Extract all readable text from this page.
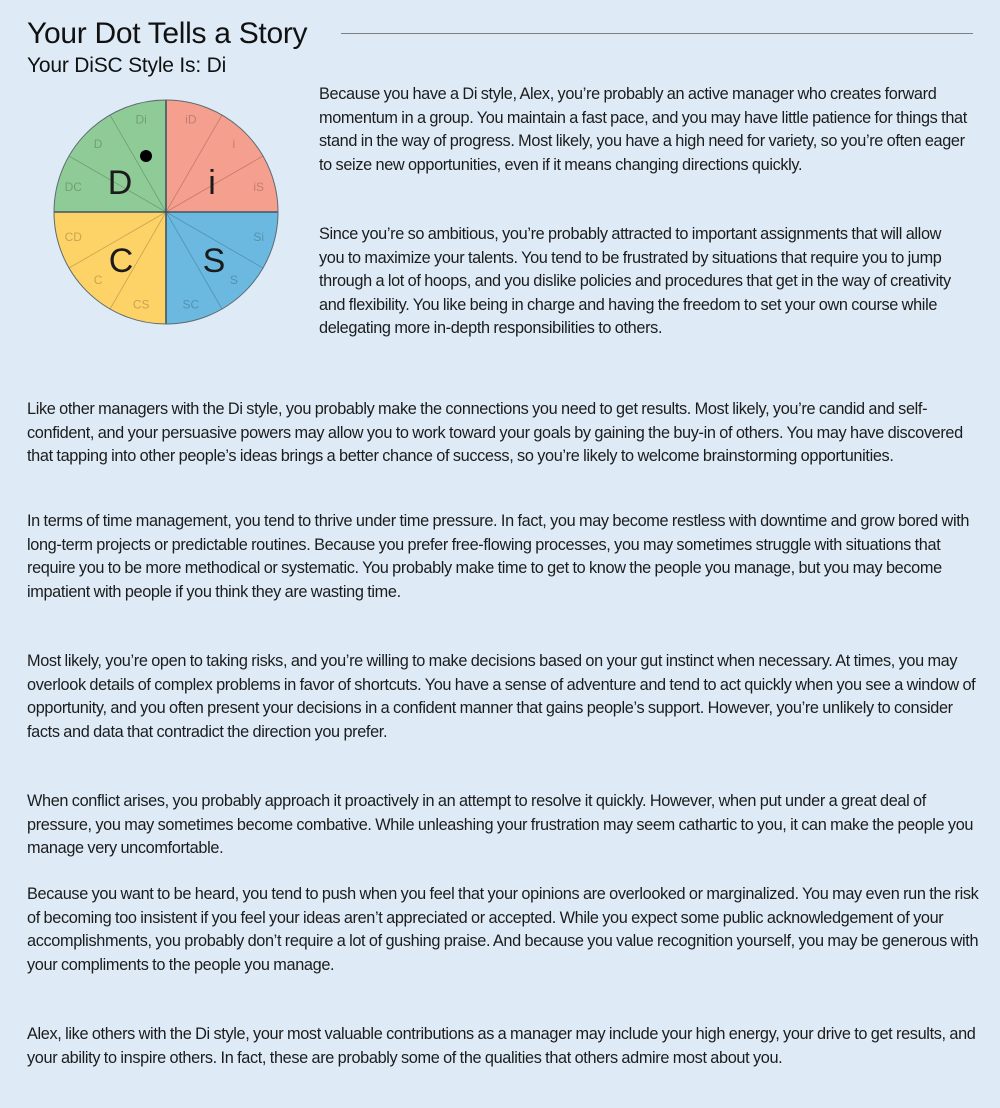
Your Dot Tells a Story
Your DiSC Style Is: Di
Di
D
DC	iS
i
iD
SC
S
Si
CD
C
CS
D i
S
C

Because you have a Di style, Alex, you’re probably an active manager who creates forward momentum in a group. You maintain a fast pace, and you may have little patience for things that stand in the way of progress. Most likely, you have a high need for variety, so you’re often eager to seize new opportunities, even if it means changing directions quickly.

Since you’re so ambitious, you’re probably attracted to important assignments that will allow you to maximize your talents. You tend to be frustrated by situations that require you to jump through a lot of hoops, and you dislike policies and procedures that get in the way of creativity and flexibility. You like being in charge and having the freedom to set your own course while delegating more in-depth responsibilities to others.

Like other managers with the Di style, you probably make the connections you need to get results. Most likely, you’re candid and self-confident, and your persuasive powers may allow you to work toward your goals by gaining the buy-in of others. You may have discovered that tapping into other people’s ideas brings a better chance of success, so you’re likely to welcome brainstorming opportunities.

In terms of time management, you tend to thrive under time pressure. In fact, you may become restless with downtime and grow bored with long-term projects or predictable routines. Because you prefer free-flowing processes, you may sometimes struggle with situations that require you to be more methodical or systematic. You probably make time to get to know the people you manage, but you may become impatient with people if you think they are wasting time.

Most likely, you’re open to taking risks, and you’re willing to make decisions based on your gut instinct when necessary. At times, you may overlook details of complex problems in favor of shortcuts. You have a sense of adventure and tend to act quickly when you see a window of opportunity, and you often present your decisions in a confident manner that gains people’s support. However, you’re unlikely to consider facts and data that contradict the direction you prefer.

When conflict arises, you probably approach it proactively in an attempt to resolve it quickly. However, when put under a great deal of pressure, you may sometimes become combative. While unleashing your frustration may seem cathartic to you, it can make the people you manage very uncomfortable.

Because you want to be heard, you tend to push when you feel that your opinions are overlooked or marginalized. You may even run the risk of becoming too insistent if you feel your ideas aren’t appreciated or accepted. While you expect some public acknowledgement of your accomplishments, you probably don’t require a lot of gushing praise. And because you value recognition yourself, you may be generous with your compliments to the people you manage.

Alex, like others with the Di style, your most valuable contributions as a manager may include your high energy, your drive to get results, and your ability to inspire others. In fact, these are probably some of the qualities that others admire most about you.
